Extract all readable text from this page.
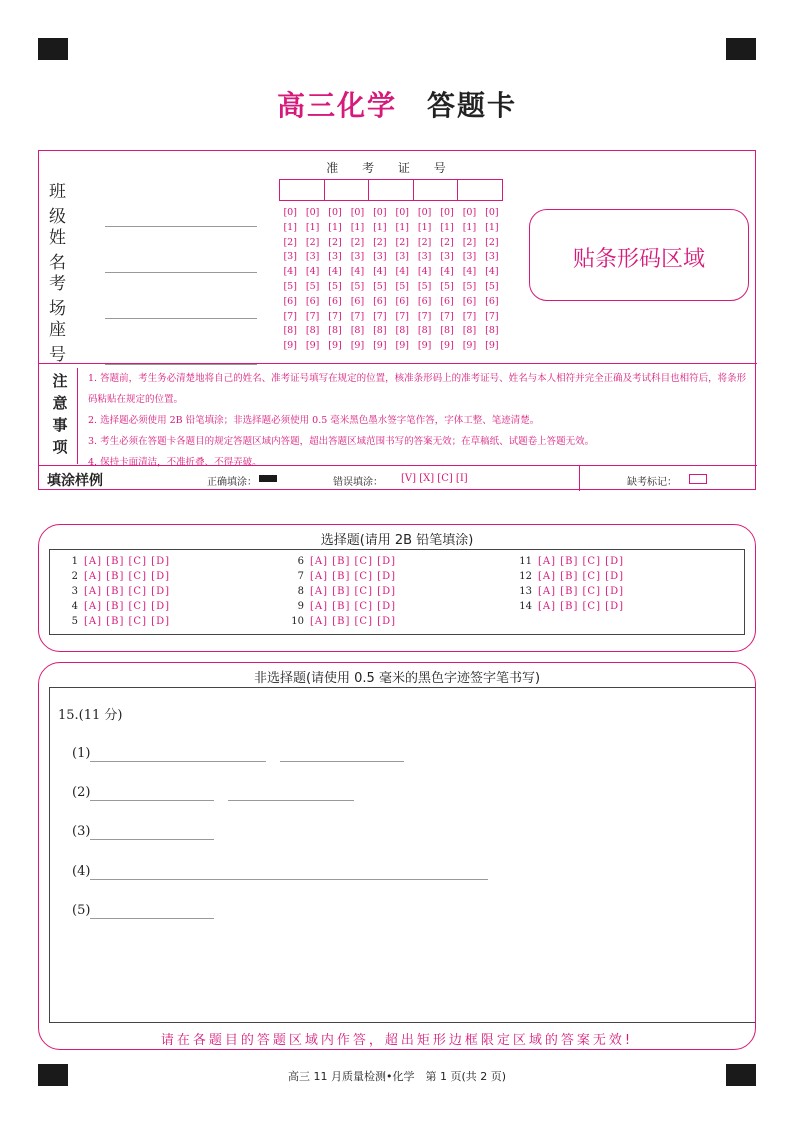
高三化学 答题卡
班 级
姓 名
考 场
座 号
准 考 证 号
[0] [0] [0] [0] [0] [0] [0] [0] [0] [0]
[1] [1] [1] [1] [1] [1] [1] [1] [1] [1]
[2] [2] [2] [2] [2] [2] [2] [2] [2] [2]
[3] [3] [3] [3] [3] [3] [3] [3] [3] [3]
[4] [4] [4] [4] [4] [4] [4] [4] [4] [4]
[5] [5] [5] [5] [5] [5] [5] [5] [5] [5]
[6] [6] [6] [6] [6] [6] [6] [6] [6] [6]
[7] [7] [7] [7] [7] [7] [7] [7] [7] [7]
[8] [8] [8] [8] [8] [8] [8] [8] [8] [8]
[9] [9] [9] [9] [9] [9] [9] [9] [9] [9]
贴条形码区域
注
意
事
项
1. 答题前，考生务必清楚地将自己的姓名、准考证号填写在规定的位置，核准条形码上的准考证号、姓名与本人相符并完全正确及考试科目也相符后，将条形码粘贴在规定的位置。
2. 选择题必须使用 2B 铅笔填涂；非选择题必须使用 0.5 毫米黑色墨水签字笔作答，字体工整、笔迹清楚。
3. 考生必须在答题卡各题目的规定答题区域内答题，超出答题区域范围书写的答案无效；在草稿纸、试题卷上答题无效。
4. 保持卡面清洁，不准折叠、不得弄破。
填涂样例	正确填涂：	错误填涂： [V] [X] [C] [I]	缺考标记：
选择题(请用 2B 铅笔填涂)
1 [A] [B] [C] [D]
2 [A] [B] [C] [D]
3 [A] [B] [C] [D]
4 [A] [B] [C] [D]
5 [A] [B] [C] [D]
6 [A] [B] [C] [D]
7 [A] [B] [C] [D]
8 [A] [B] [C] [D]
9 [A] [B] [C] [D]
10 [A] [B] [C] [D]
11 [A] [B] [C] [D]
12 [A] [B] [C] [D]
13 [A] [B] [C] [D]
14 [A] [B] [C] [D]
非选择题(请使用 0.5 毫米的黑色字迹签字笔书写)
15.(11 分)
(1)
(2)
(3)
(4)
(5)
请在各题目的答题区域内作答，超出矩形边框限定区域的答案无效!
高三 11 月质量检测•化学　第 1 页(共 2 页)
